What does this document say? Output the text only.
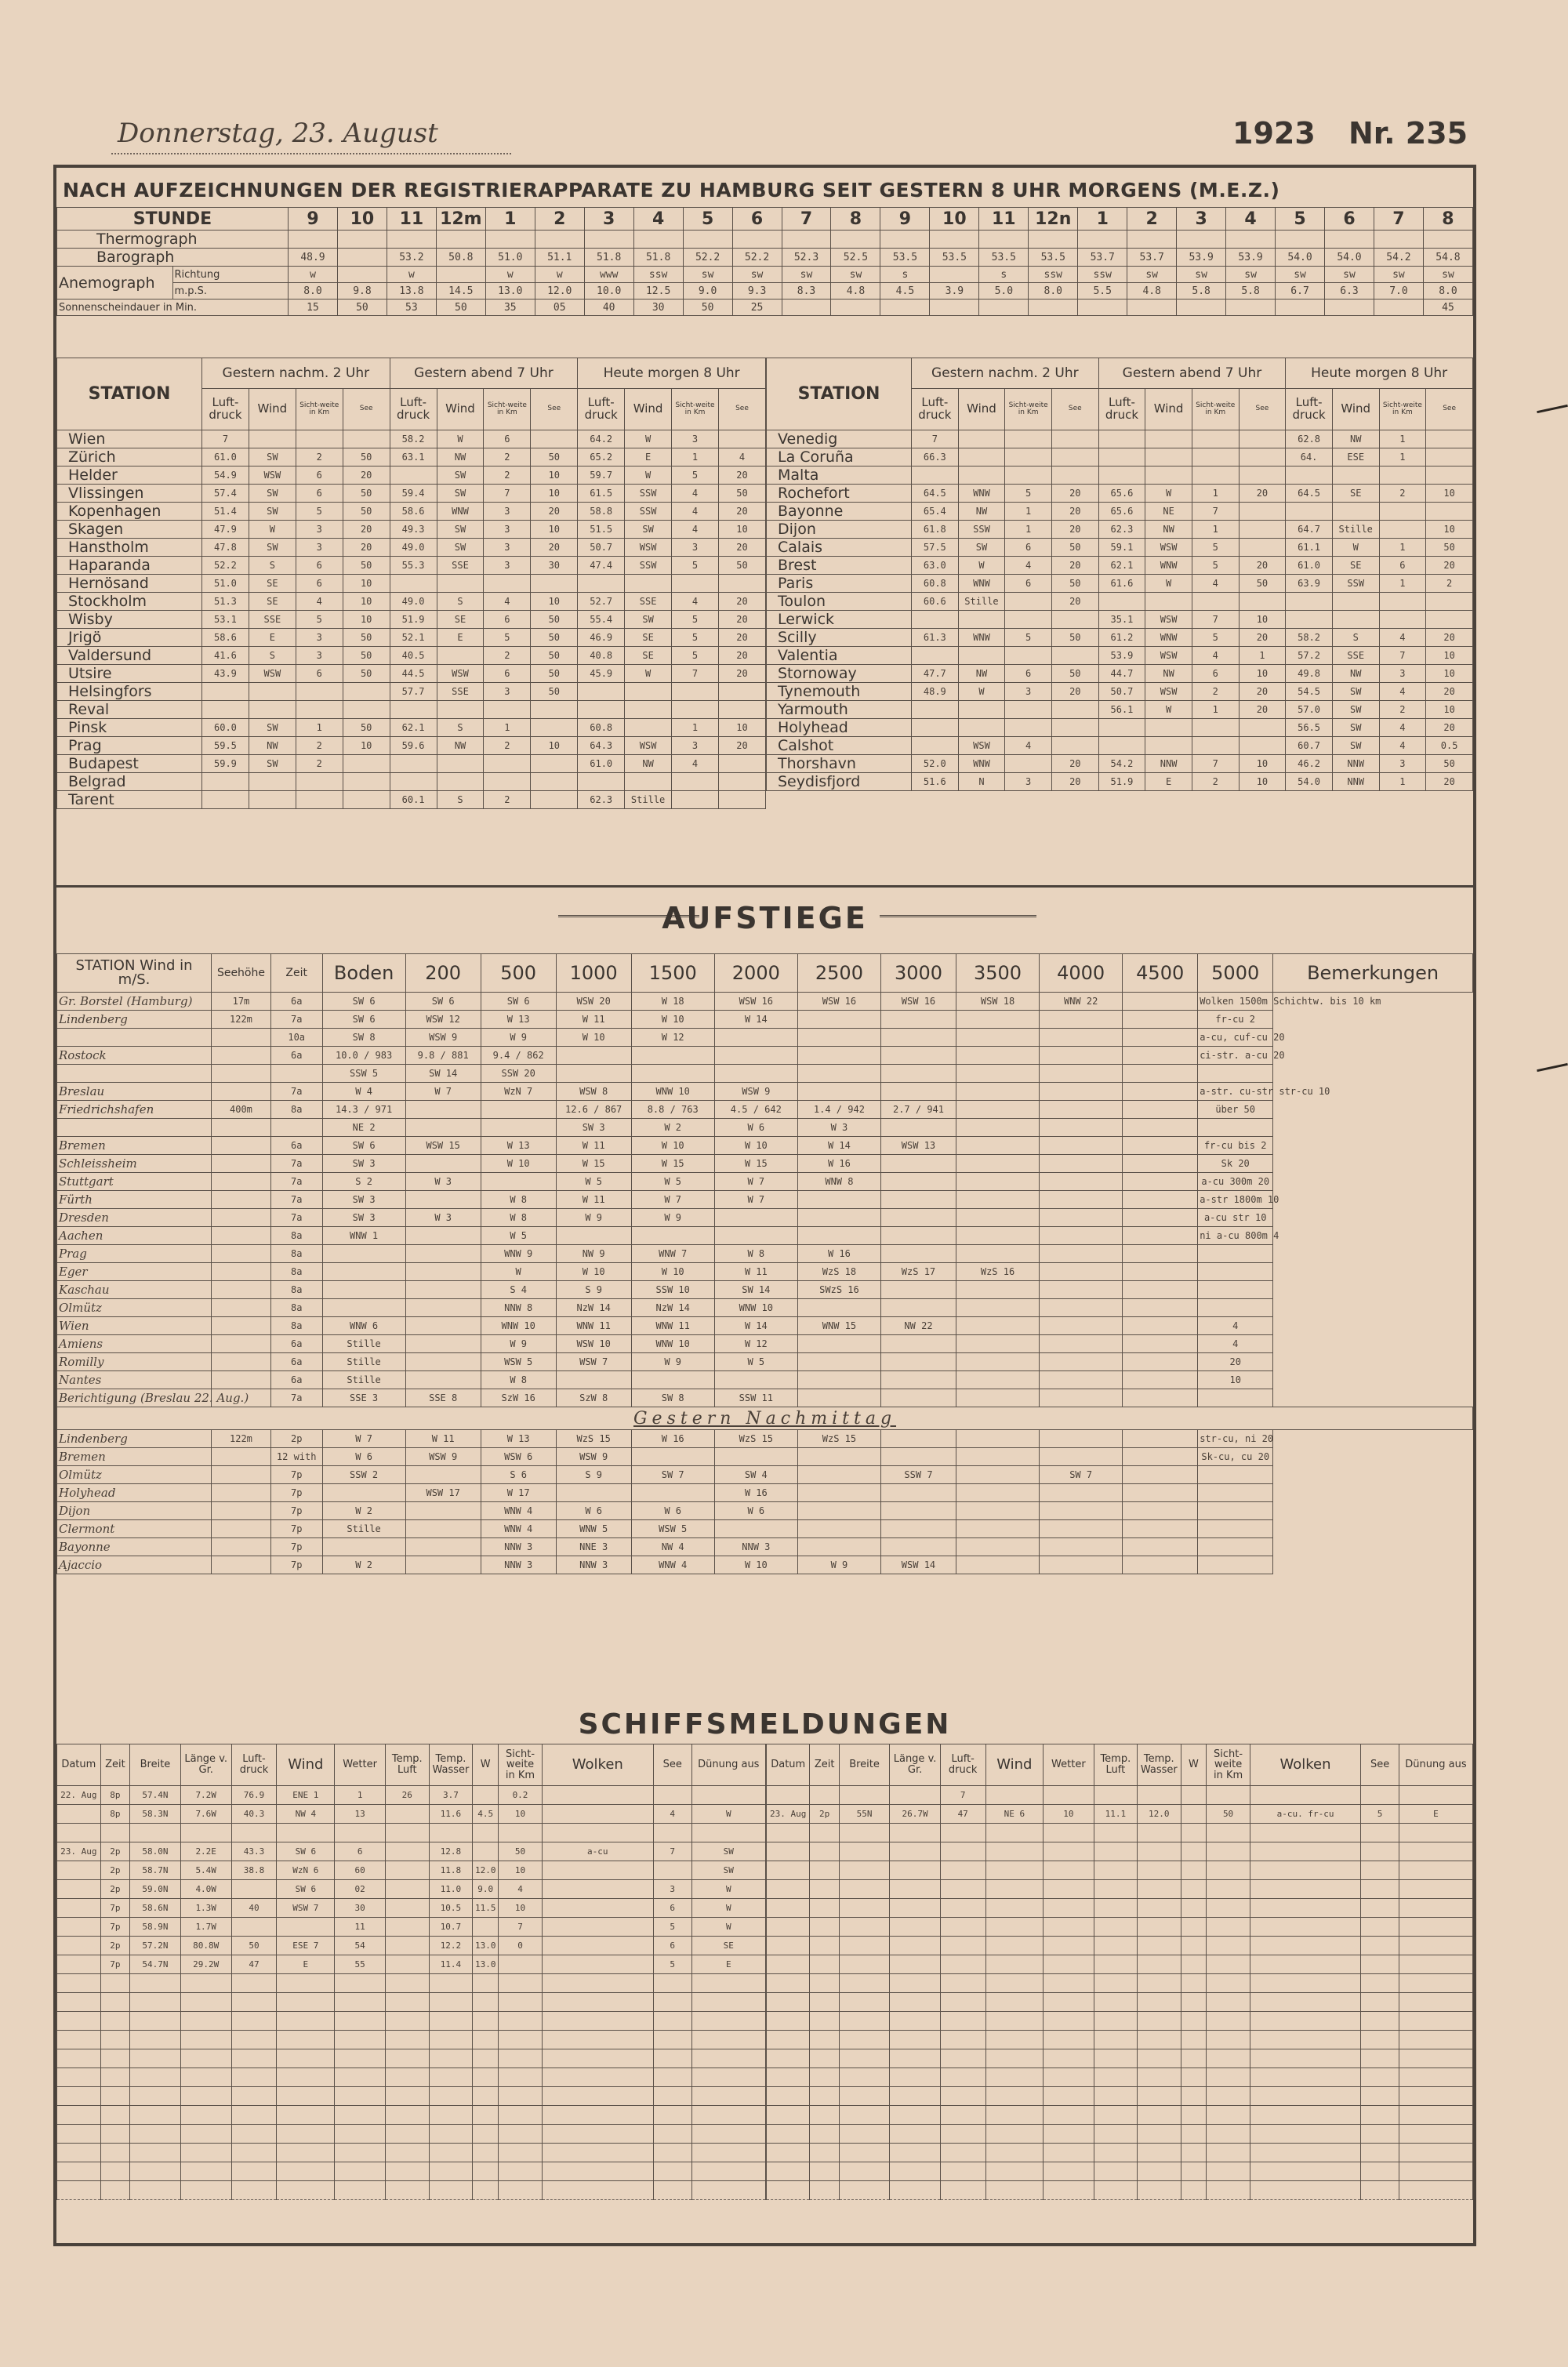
Donnerstag, 23. August	1923 Nr. 235
NACH AUFZEICHNUNGEN DER REGISTRIERAPPARATE ZU HAMBURG SEIT GESTERN 8 UHR MORGENS (M.E.Z.)
STUNDE		9	10	11	12m	1	2	3	4	5	6	7	8	9	10	11	12n	1	2	3	4	5	6	7	8
Thermograph																									
Barograph		48.9		53.2	50.8	51.0	51.1	51.8	51.8	52.2	52.2	52.3	52.5	53.5	53.5	53.5	53.5	53.7	53.7	53.9	53.9	54.0	54.0	54.2	54.8
Anemograph	Richtung	w		w		w	w	www	ssw	sw	sw	sw	sw	s		s	ssw	ssw	sw	sw	sw	sw	sw	sw	sw
	m.p.S.	8.0	9.8	13.8	14.5	13.0	12.0	10.0	12.5	9.0	9.3	8.3	4.8	4.5	3.9	5.0	8.0	5.5	4.8	5.8	5.8	6.7	6.3	7.0	8.0
Sonnenscheindauer in Min.		15	50	53	50	35	05	40	30	50	25														45
STATION	Gestern nachm. 2 Uhr				Gestern abend 7 Uhr				Heute morgen 8 Uhr			
	Luft-druck	Wind	Sicht-weite in Km	See	Luft-druck	Wind	Sicht-weite in Km	See	Luft-druck	Wind	Sicht-weite in Km	See
Wien	7				58.2	W	6		64.2	W	3	
Zürich	61.0	SW	2	50	63.1	NW	2	50	65.2	E	1	4
Helder	54.9	WSW	6	20		SW	2	10	59.7	W	5	20
Vlissingen	57.4	SW	6	50	59.4	SW	7	10	61.5	SSW	4	50
Kopenhagen	51.4	SW	5	50	58.6	WNW	3	20	58.8	SSW	4	20
Skagen	47.9	W	3	20	49.3	SW	3	10	51.5	SW	4	10
Hanstholm	47.8	SW	3	20	49.0	SW	3	20	50.7	WSW	3	20
Haparanda	52.2	S	6	50	55.3	SSE	3	30	47.4	SSW	5	50
Hernösand	51.0	SE	6	10								
Stockholm	51.3	SE	4	10	49.0	S	4	10	52.7	SSE	4	20
Wisby	53.1	SSE	5	10	51.9	SE	6	50	55.4	SW	5	20
Jrigö	58.6	E	3	50	52.1	E	5	50	46.9	SE	5	20
Valdersund	41.6	S	3	50	40.5		2	50	40.8	SE	5	20
Utsire	43.9	WSW	6	50	44.5	WSW	6	50	45.9	W	7	20
Helsingfors					57.7	SSE	3	50				
Reval												
Pinsk	60.0	SW	1	50	62.1	S	1		60.8		1	10
Prag	59.5	NW	2	10	59.6	NW	2	10	64.3	WSW	3	20
Budapest	59.9	SW	2						61.0	NW	4	
Belgrad												
Tarent					60.1	S	2		62.3	Stille		
STATION	Gestern nachm. 2 Uhr				Gestern abend 7 Uhr				Heute morgen 8 Uhr			
	Luft-druck	Wind	Sicht-weite in Km	See	Luft-druck	Wind	Sicht-weite in Km	See	Luft-druck	Wind	Sicht-weite in Km	See
Venedig	7								62.8	NW	1	
La Coruña	66.3								64.	ESE	1	
Malta												
Rochefort	64.5	WNW	5	20	65.6	W	1	20	64.5	SE	2	10
Bayonne	65.4	NW	1	20	65.6	NE	7					
Dijon	61.8	SSW	1	20	62.3	NW	1		64.7	Stille		10
Calais	57.5	SW	6	50	59.1	WSW	5		61.1	W	1	50
Brest	63.0	W	4	20	62.1	WNW	5	20	61.0	SE	6	20
Paris	60.8	WNW	6	50	61.6	W	4	50	63.9	SSW	1	2
Toulon	60.6	Stille		20								
Lerwick					35.1	WSW	7	10				
Scilly	61.3	WNW	5	50	61.2	WNW	5	20	58.2	S	4	20
Valentia					53.9	WSW	4	1	57.2	SSE	7	10
Stornoway	47.7	NW	6	50	44.7	NW	6	10	49.8	NW	3	10
Tynemouth	48.9	W	3	20	50.7	WSW	2	20	54.5	SW	4	20
Yarmouth					56.1	W	1	20	57.0	SW	2	10
Holyhead									56.5	SW	4	20
Calshot		WSW	4						60.7	SW	4	0.5
Thorshavn	52.0	WNW		20	54.2	NNW	7	10	46.2	NNW	3	50
Seydisfjord	51.6	N	3	20	51.9	E	2	10	54.0	NNW	1	20
AUFSTIEGE
STATION Wind in m/S.	Seehöhe	Zeit	Boden	200	500	1000	1500	2000	2500	3000	3500	4000	4500	5000	Bemerkungen
Gr. Borstel (Hamburg)	17m	6a	SW 6	SW 6	SW 6	WSW 20	W 18	WSW 16	WSW 16	WSW 16	WSW 18	WNW 22		Wolken 1500m Schichtw. bis 10 km	
Lindenberg	122m	7a	SW 6	WSW 12	W 13	W 11	W 10	W 14						fr-cu 2	
		10a	SW 8	WSW 9	W 9	W 10	W 12							a-cu, cuf-cu 20	
Rostock		6a	10.0 / 983	9.8 / 881	9.4 / 862									ci-str. a-cu 20	
			SSW 5	SW 14	SSW 20										
Breslau		7a	W 4	W 7	WzN 7	WSW 8	WNW 10	WSW 9						a-str. cu-str str-cu 10	
Friedrichshafen	400m	8a	14.3 / 971			12.6 / 867	8.8 / 763	4.5 / 642	1.4 / 942	2.7 / 941				über 50	
			NE 2			SW 3	W 2	W 6	W 3						
Bremen		6a	SW 6	WSW 15	W 13	W 11	W 10	W 10	W 14	WSW 13				fr-cu bis 2	
Schleissheim		7a	SW 3		W 10	W 15	W 15	W 15	W 16					Sk 20	
Stuttgart		7a	S 2	W 3		W 5	W 5	W 7	WNW 8					a-cu 300m 20	
Fürth		7a	SW 3		W 8	W 11	W 7	W 7						a-str 1800m 10	
Dresden		7a	SW 3	W 3	W 8	W 9	W 9							a-cu str 10	
Aachen		8a	WNW 1		W 5									ni a-cu 800m 4	
Prag		8a			WNW 9	NW 9	WNW 7	W 8	W 16						
Eger		8a			W	W 10	W 10	W 11	WzS 18	WzS 17	WzS 16				
Kaschau		8a			S 4	S 9	SSW 10	SW 14	SWzS 16						
Olmütz		8a			NNW 8	NzW 14	NzW 14	WNW 10							
Wien		8a	WNW 6		WNW 10	WNW 11	WNW 11	W 14	WNW 15	NW 22				4	
Amiens		6a	Stille		W 9	WSW 10	WNW 10	W 12						4	
Romilly		6a	Stille		WSW 5	WSW 7	W 9	W 5						20	
Nantes		6a	Stille		W 8									10	
Berichtigung (Breslau 22. Aug.)		7a	SSE 3	SSE 8	SzW 16	SzW 8	SW 8	SSW 11							
Gestern Nachmittag															
Lindenberg	122m	2p	W 7	W 11	W 13	WzS 15	W 16	WzS 15	WzS 15					str-cu, ni 20	
Bremen		12 with	W 6	WSW 9	WSW 6	WSW 9								Sk-cu, cu 20	
Olmütz		7p	SSW 2		S 6	S 9	SW 7	SW 4		SSW 7		SW 7			
Holyhead		7p		WSW 17	W 17			W 16							
Dijon		7p	W 2		WNW 4	W 6	W 6	W 6							
Clermont		7p	Stille		WNW 4	WNW 5	WSW 5								
Bayonne		7p			NNW 3	NNE 3	NW 4	NNW 3							
Ajaccio		7p	W 2		NNW 3	NNW 3	WNW 4	W 10	W 9	WSW 14					
SCHIFFSMELDUNGEN
Datum	Zeit	Breite	Länge v. Gr.	Luft-druck	Wind	Wetter	Temp. Luft	Temp. Wasser	W	Sicht-weite in Km	Wolken	See	Dünung aus
22. Aug	8p	57.4N	7.2W	76.9	ENE 1	1	26	3.7		0.2			
	8p	58.3N	7.6W	40.3	NW 4	13		11.6	4.5	10		4	W

23. Aug	2p	58.0N	2.2E	43.3	SW 6	6		12.8		50	a-cu	7	SW
	2p	58.7N	5.4W	38.8	WzN 6	60		11.8	12.0	10			SW
	2p	59.0N	4.0W		SW 6	02		11.0	9.0	4		3	W
	7p	58.6N	1.3W	40	WSW 7	30		10.5	11.5	10		6	W
	7p	58.9N	1.7W			11		10.7		7		5	W
	2p	57.2N	80.8W	50	ESE 7	54		12.2	13.0	0		6	SE
	7p	54.7N	29.2W	47	E	55		11.4	13.0			5	E

Datum	Zeit	Breite	Länge v. Gr.	Luft-druck	Wind	Wetter	Temp. Luft	Temp. Wasser	W	Sicht-weite in Km	Wolken	See	Dünung aus
				7									
23. Aug	2p	55N	26.7W	47	NE 6	10	11.1	12.0		50	a-cu. fr-cu	5	E
